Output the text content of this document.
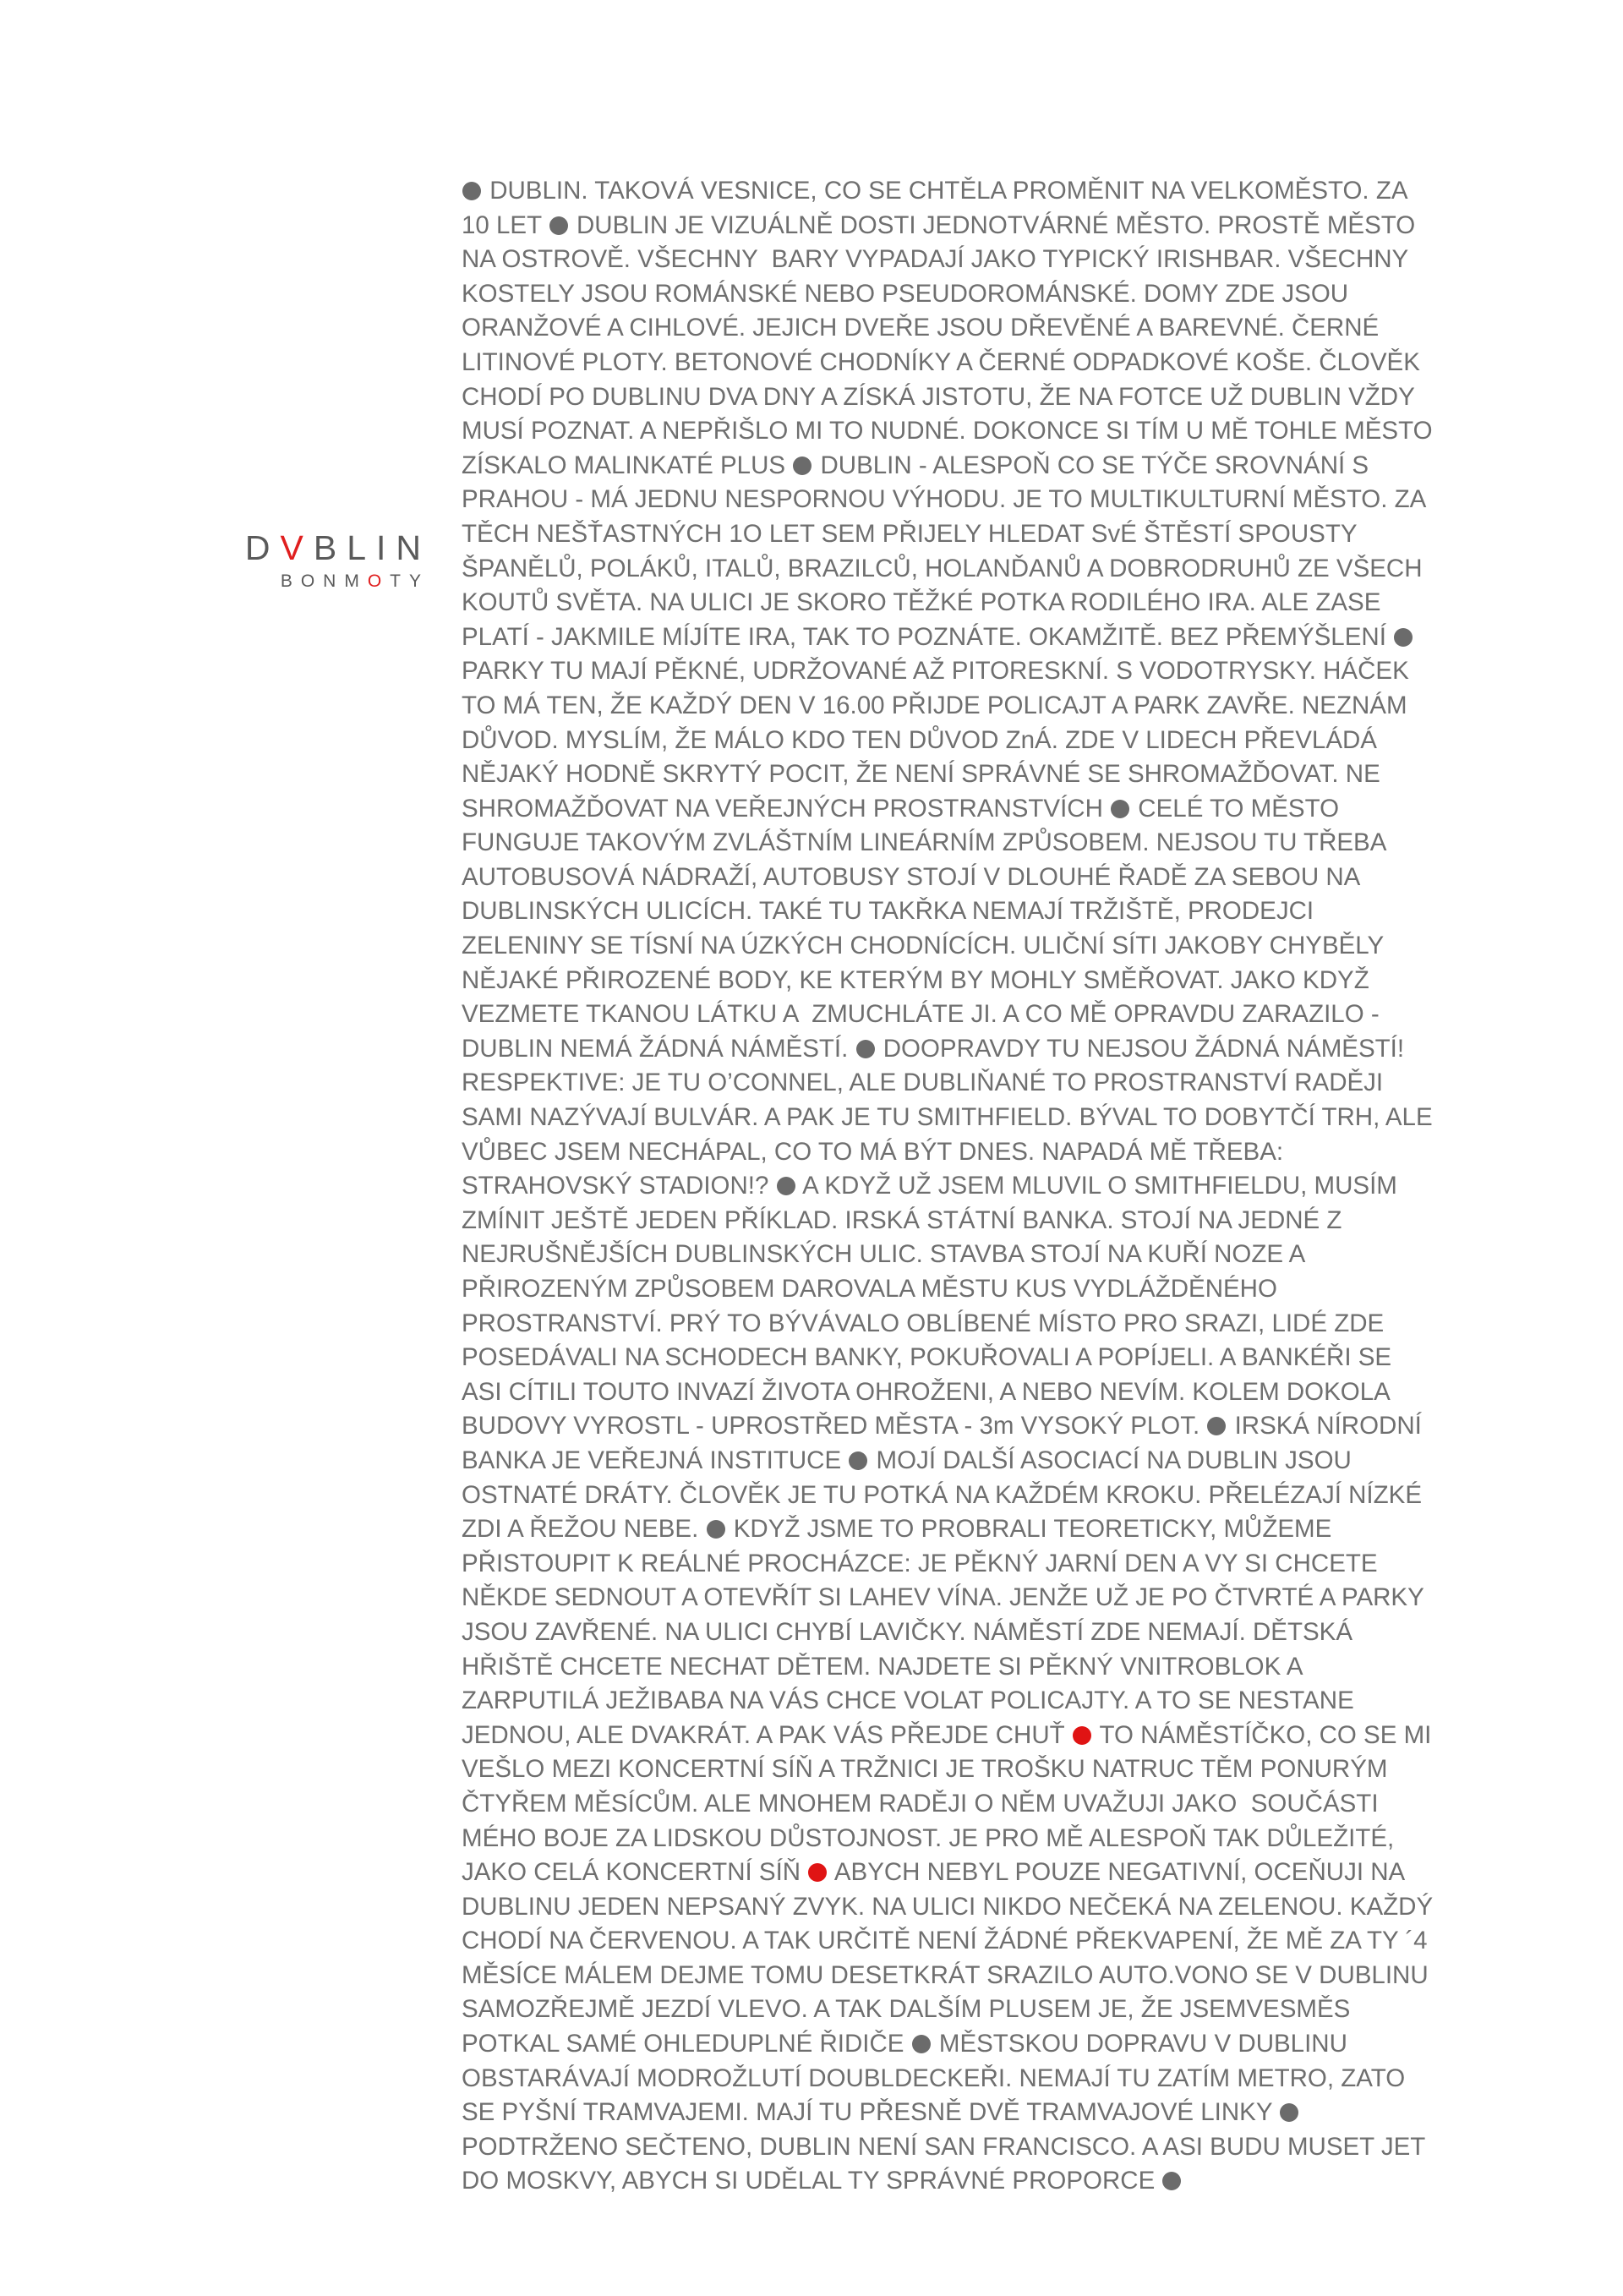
DVBLIN
BONMOTY
DUBLIN. TAKOVÁ VESNICE, CO SE CHTĚLA PROMĚNIT NA VELKOMĚSTO. ZA
10 LET  DUBLIN JE VIZUÁLNĚ DOSTI JEDNOTVÁRNÉ MĚSTO. PROSTĚ MĚSTO
NA OSTROVĚ. VŠECHNY  BARY VYPADAJÍ JAKO TYPICKÝ IRISHBAR. VŠECHNY
KOSTELY JSOU ROMÁNSKÉ NEBO PSEUDOROMÁNSKÉ. DOMY ZDE JSOU
ORANŽOVÉ A CIHLOVÉ. JEJICH DVEŘE JSOU DŘEVĚNÉ A BAREVNÉ. ČERNÉ
LITINOVÉ PLOTY. BETONOVÉ CHODNÍKY A ČERNÉ ODPADKOVÉ KOŠE. ČLOVĚK
CHODÍ PO DUBLINU DVA DNY A ZÍSKÁ JISTOTU, ŽE NA FOTCE UŽ DUBLIN VŽDY
MUSÍ POZNAT. A NEPŘIŠLO MI TO NUDNÉ. DOKONCE SI TÍM U MĚ TOHLE MĚSTO
ZÍSKALO MALINKATÉ PLUS  DUBLIN - ALESPOŇ CO SE TÝČE SROVNÁNÍ S
PRAHOU - MÁ JEDNU NESPORNOU VÝHODU. JE TO MULTIKULTURNÍ MĚSTO. ZA
TĚCH NEŠŤASTNÝCH 1O LET SEM PŘIJELY HLEDAT SvÉ ŠTĚSTÍ SPOUSTY
ŠPANĚLŮ, POLÁKŮ, ITALŮ, BRAZILCŮ, HOLANĎANŮ A DOBRODRUHŮ ZE VŠECH
KOUTŮ SVĚTA. NA ULICI JE SKORO TĚŽKÉ POTKA RODILÉHO IRA. ALE ZASE
PLATÍ - JAKMILE MÍJÍTE IRA, TAK TO POZNÁTE. OKAMŽITĚ. BEZ PŘEMÝŠLENÍ
PARKY TU MAJÍ PĚKNÉ, UDRŽOVANÉ AŽ PITORESKNÍ. S VODOTRYSKY. HÁČEK
TO MÁ TEN, ŽE KAŽDÝ DEN V 16.00 PŘIJDE POLICAJT A PARK ZAVŘE. NEZNÁM
DŮVOD. MYSLÍM, ŽE MÁLO KDO TEN DŮVOD ZnÁ. ZDE V LIDECH PŘEVLÁDÁ
NĚJAKÝ HODNĚ SKRYTÝ POCIT, ŽE NENÍ SPRÁVNÉ SE SHROMAŽĎOVAT. NE
SHROMAŽĎOVAT NA VEŘEJNÝCH PROSTRANSTVÍCH  CELÉ TO MĚSTO
FUNGUJE TAKOVÝM ZVLÁŠTNÍM LINEÁRNÍM ZPŮSOBEM. NEJSOU TU TŘEBA
AUTOBUSOVÁ NÁDRAŽÍ, AUTOBUSY STOJÍ V DLOUHÉ ŘADĚ ZA SEBOU NA
DUBLINSKÝCH ULICÍCH. TAKÉ TU TAKŘKA NEMAJÍ TRŽIŠTĚ, PRODEJCI
ZELENINY SE TÍSNÍ NA ÚZKÝCH CHODNÍCÍCH. ULIČNÍ SÍTI JAKOBY CHYBĚLY
NĚJAKÉ PŘIROZENÉ BODY, KE KTERÝM BY MOHLY SMĚŘOVAT. JAKO KDYŽ
VEZMETE TKANOU LÁTKU A  ZMUCHLÁTE JI. A CO MĚ OPRAVDU ZARAZILO -
DUBLIN NEMÁ ŽÁDNÁ NÁMĚSTÍ.  DOOPRAVDY TU NEJSOU ŽÁDNÁ NÁMĚSTÍ!
RESPEKTIVE: JE TU O’CONNEL, ALE DUBLIŇANÉ TO PROSTRANSTVÍ RADĚJI
SAMI NAZÝVAJÍ BULVÁR. A PAK JE TU SMITHFIELD. BÝVAL TO DOBYTČÍ TRH, ALE
VŮBEC JSEM NECHÁPAL, CO TO MÁ BÝT DNES. NAPADÁ MĚ TŘEBA:
STRAHOVSKÝ STADION!?  A KDYŽ UŽ JSEM MLUVIL O SMITHFIELDU, MUSÍM
ZMÍNIT JEŠTĚ JEDEN PŘÍKLAD. IRSKÁ STÁTNÍ BANKA. STOJÍ NA JEDNÉ Z
NEJRUŠNĚJŠÍCH DUBLINSKÝCH ULIC. STAVBA STOJÍ NA KUŘÍ NOZE A
PŘIROZENÝM ZPŮSOBEM DAROVALA MĚSTU KUS VYDLÁŽDĚNÉHO
PROSTRANSTVÍ. PRÝ TO BÝVÁVALO OBLÍBENÉ MÍSTO PRO SRAZI, LIDÉ ZDE
POSEDÁVALI NA SCHODECH BANKY, POKUŘOVALI A POPÍJELI. A BANKÉŘI SE
ASI CÍTILI TOUTO INVAZÍ ŽIVOTA OHROŽENI, A NEBO NEVÍM. KOLEM DOKOLA
BUDOVY VYROSTL - UPROSTŘED MĚSTA - 3m VYSOKÝ PLOT.  IRSKÁ NÍRODNÍ
BANKA JE VEŘEJNÁ INSTITUCE  MOJÍ DALŠÍ ASOCIACÍ NA DUBLIN JSOU
OSTNATÉ DRÁTY. ČLOVĚK JE TU POTKÁ NA KAŽDÉM KROKU. PŘELÉZAJÍ NÍZKÉ
ZDI A ŘEŽOU NEBE.  KDYŽ JSME TO PROBRALI TEORETICKY, MŮŽEME
PŘISTOUPIT K REÁLNÉ PROCHÁZCE: JE PĚKNÝ JARNÍ DEN A VY SI CHCETE
NĚKDE SEDNOUT A OTEVŘÍT SI LAHEV VÍNA. JENŽE UŽ JE PO ČTVRTÉ A PARKY
JSOU ZAVŘENÉ. NA ULICI CHYBÍ LAVIČKY. NÁMĚSTÍ ZDE NEMAJÍ. DĚTSKÁ
HŘIŠTĚ CHCETE NECHAT DĚTEM. NAJDETE SI PĚKNÝ VNITROBLOK A
ZARPUTILÁ JEŽIBABA NA VÁS CHCE VOLAT POLICAJTY. A TO SE NESTANE
JEDNOU, ALE DVAKRÁT. A PAK VÁS PŘEJDE CHUŤ  TO NÁMĚSTÍČKO, CO SE MI
VEŠLO MEZI KONCERTNÍ SÍŇ A TRŽNICI JE TROŠKU NATRUC TĚM PONURÝM
ČTYŘEM MĚSÍCŮM. ALE MNOHEM RADĚJI O NĚM UVAŽUJI JAKO  SOUČÁSTI
MÉHO BOJE ZA LIDSKOU DŮSTOJNOST. JE PRO MĚ ALESPOŇ TAK DŮLEŽITÉ,
JAKO CELÁ KONCERTNÍ SÍŇ  ABYCH NEBYL POUZE NEGATIVNÍ, OCEŇUJI NA
DUBLINU JEDEN NEPSANÝ ZVYK. NA ULICI NIKDO NEČEKÁ NA ZELENOU. KAŽDÝ
CHODÍ NA ČERVENOU. A TAK URČITĚ NENÍ ŽÁDNÉ PŘEKVAPENÍ, ŽE MĚ ZA TY ´4
MĚSÍCE MÁLEM DEJME TOMU DESETKRÁT SRAZILO AUTO.VONO SE V DUBLINU
SAMOZŘEJMĚ JEZDÍ VLEVO. A TAK DALŠÍM PLUSEM JE, ŽE JSEMVESMĚS
POTKAL SAMÉ OHLEDUPLNÉ ŘIDIČE  MĚSTSKOU DOPRAVU V DUBLINU
OBSTARÁVAJÍ MODROŽLUTÍ DOUBLDECKEŘI. NEMAJÍ TU ZATÍM METRO, ZATO
SE PYŠNÍ TRAMVAJEMI. MAJÍ TU PŘESNĚ DVĚ TRAMVAJOVÉ LINKY
PODTRŽENO SEČTENO, DUBLIN NENÍ SAN FRANCISCO. A ASI BUDU MUSET JET
DO MOSKVY, ABYCH SI UDĚLAL TY SPRÁVNÉ PROPORCE
